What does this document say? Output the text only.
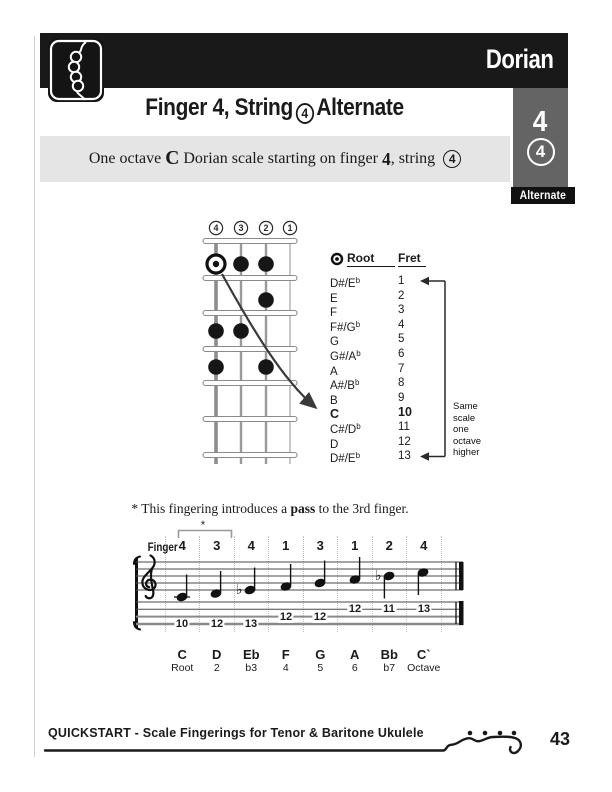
Dorian
Finger 4, String 4 Alternate
One octave C Dorian scale starting on finger 4 , string 4
4
4
Alternate
4 3 2 1
Root	Fret
$D\#/E^b$	1
E	2
F	3
$F\#/G^b$	4
G	5
$G\#/A^b$	6
A	7
$A\#/B^b$	8
B	9
C	10
$C\#/D^b$	11
D	12
$D\#/E^b$	13
Same
scale
one
octave
higher
* This fingering introduces a pass to the 3rd finger.
*
Finger 4	3	4	1	3	1	2	4
♭
♭
10 12 13
12 12
12 11 13
C	D	Eb	F	G	A	Bb	C`
Root	2	b3	4	5	6	b7	Octave
QUICKSTART - Scale Fingerings for Tenor & Baritone Ukulele	43
